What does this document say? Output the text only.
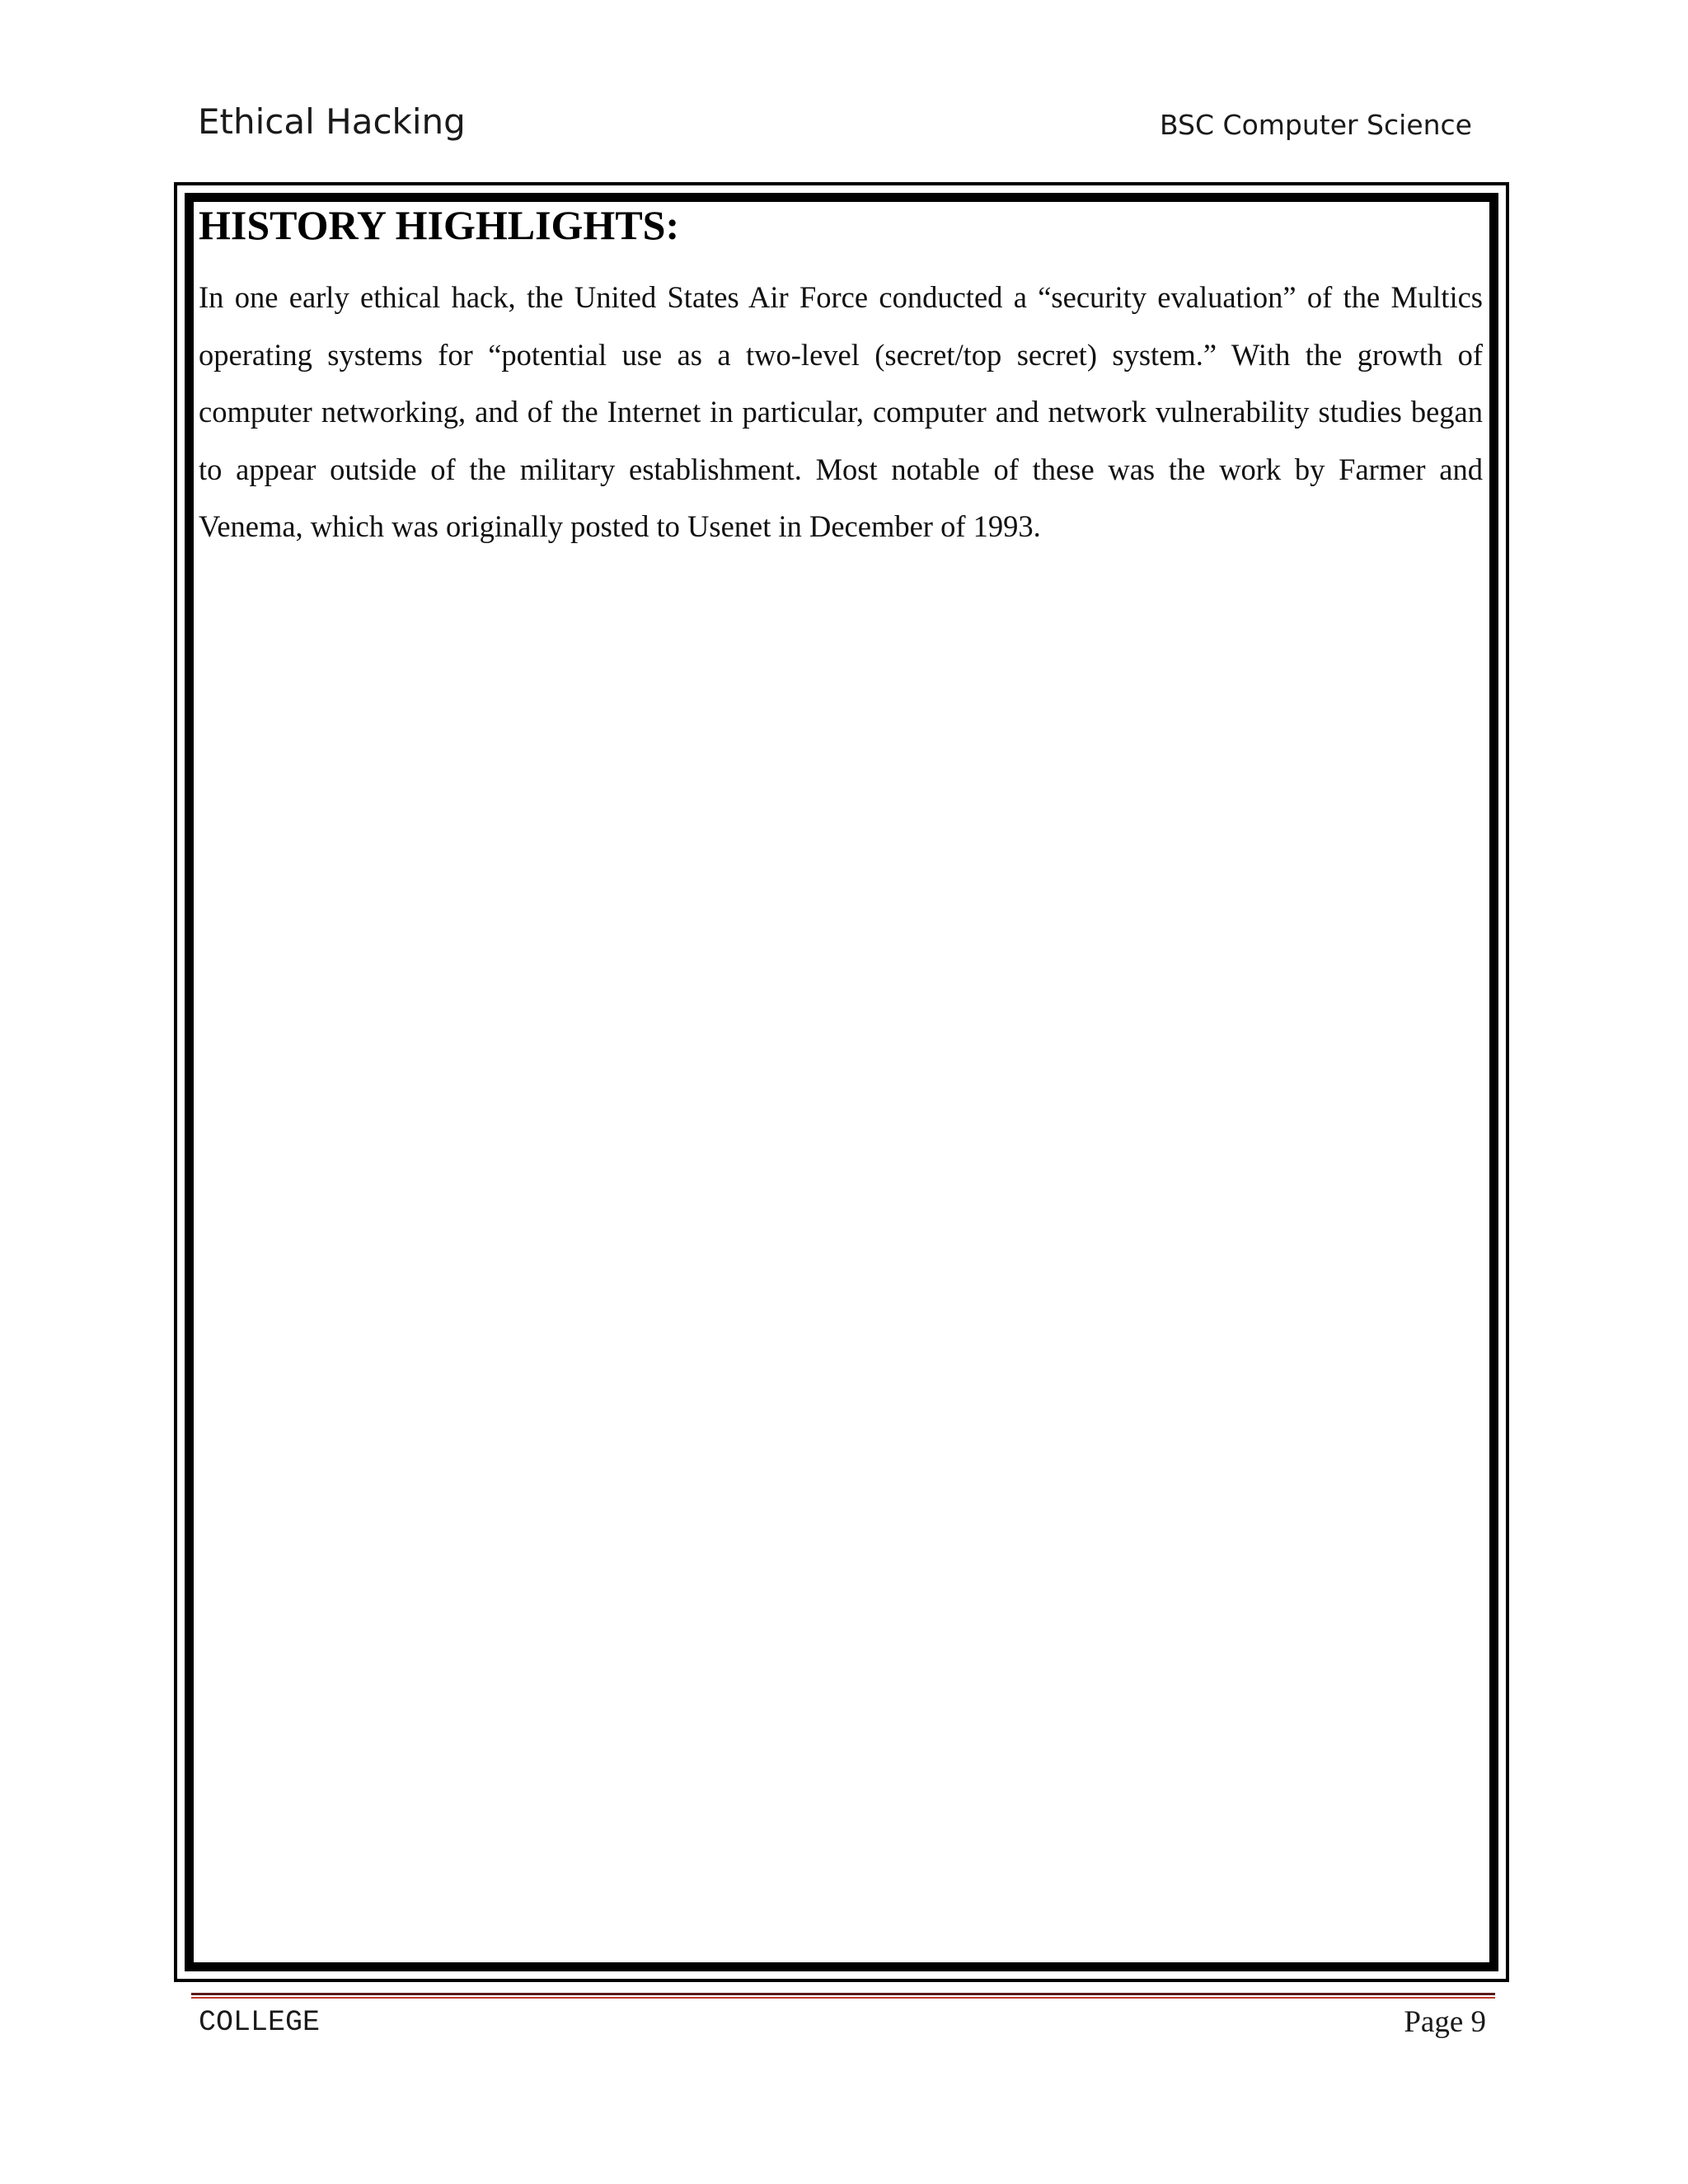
Ethical Hacking	BSC Computer Science
HISTORY HIGHLIGHTS:

In one early ethical hack, the United States Air Force conducted a “security evaluation” of the Multics operating systems for “potential use as a two-level (secret/top secret) system.” With the growth of computer networking, and of the Internet in particular, computer and network vulnerability studies began to appear outside of the military establishment. Most notable of these was the work by Farmer and Venema, which was originally posted to Usenet in December of 1993.

COLLEGE	Page 9
